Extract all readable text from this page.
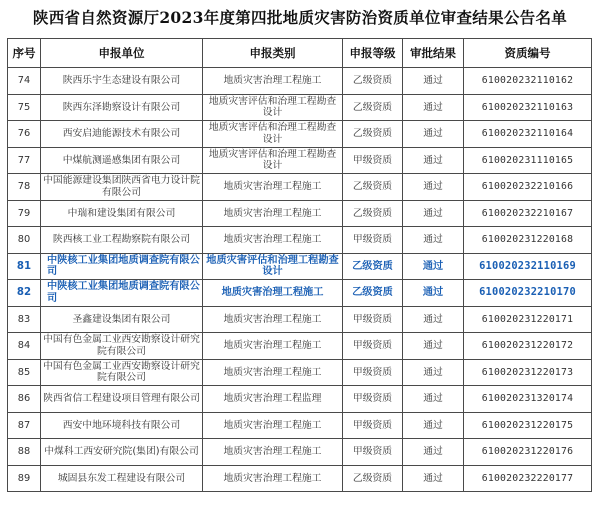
陕西省自然资源厅2023年度第四批地质灾害防治资质单位审查结果公告名单
序号	申报单位	申报类别	申报等级	审批结果	资质编号
74	陕西乐宇生态建设有限公司	地质灾害治理工程施工	乙级资质	通过	610020232110162
75	陕西东泽勘察设计有限公司	地质灾害评估和治理工程勘查设计	乙级资质	通过	610020232110163
76	西安启迪能源技术有限公司	地质灾害评估和治理工程勘查设计	乙级资质	通过	610020232110164
77	中煤航测遥感集团有限公司	地质灾害评估和治理工程勘查设计	甲级资质	通过	610020231110165
78	中国能源建设集团陕西省电力设计院有限公司	地质灾害治理工程施工	乙级资质	通过	610020232210166
79	中瑞和建设集团有限公司	地质灾害治理工程施工	乙级资质	通过	610020232210167
80	陕西核工业工程勘察院有限公司	地质灾害治理工程施工	甲级资质	通过	610020231220168
81	中陕核工业集团地质调查院有限公司	地质灾害评估和治理工程勘查设计	乙级资质	通过	610020232110169
82	中陕核工业集团地质调查院有限公司	地质灾害治理工程施工	乙级资质	通过	610020232210170
83	圣鑫建设集团有限公司	地质灾害治理工程施工	甲级资质	通过	610020231220171
84	中国有色金属工业西安勘察设计研究院有限公司	地质灾害治理工程施工	甲级资质	通过	610020231220172
85	中国有色金属工业西安勘察设计研究院有限公司	地质灾害治理工程施工	甲级资质	通过	610020231220173
86	陕西省信工程建设项目管理有限公司	地质灾害治理工程监理	甲级资质	通过	610020231320174
87	西安中地环境科技有限公司	地质灾害治理工程施工	甲级资质	通过	610020231220175
88	中煤科工西安研究院(集团)有限公司	地质灾害治理工程施工	甲级资质	通过	610020231220176
89	城固县东发工程建设有限公司	地质灾害治理工程施工	乙级资质	通过	610020232220177
